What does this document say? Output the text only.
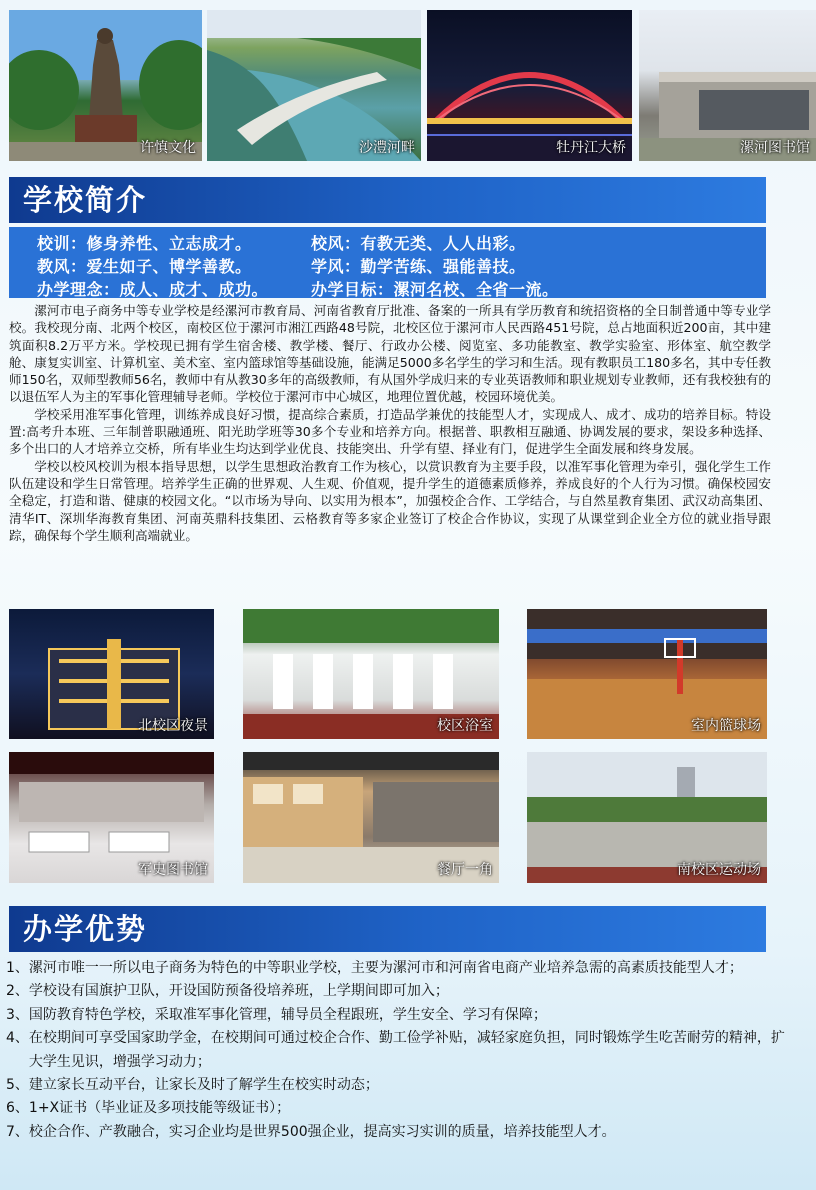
许慎文化	沙澧河畔	牡丹江大桥	漯河图书馆
学校简介
校训：修身养性、立志成才。	校风：有教无类、人人出彩。
教风：爱生如子、博学善教。	学风：勤学苦练、强能善技。
办学理念：成人、成才、成功。	办学目标：漯河名校、全省一流。

漯河市电子商务中等专业学校是经漯河市教育局、河南省教育厅批准、备案的一所具有学历教育和统招资格的全日制普通中等专业学校。我校现分南、北两个校区，南校区位于漯河市湘江西路48号院，北校区位于漯河市人民西路451号院，总占地面积近200亩，其中建筑面积8.2万平方米。学校现已拥有学生宿舍楼、教学楼、餐厅、行政办公楼、阅览室、多功能教室、教学实验室、形体室、航空教学舱、康复实训室、计算机室、美术室、室内篮球馆等基础设施，能满足5000多名学生的学习和生活。现有教职员工180多名，其中专任教师150名，双师型教师56名，教师中有从教30多年的高级教师，有从国外学成归来的专业英语教师和职业规划专业教师，还有我校独有的以退伍军人为主的军事化管理辅导老师。学校位于漯河市中心城区，地理位置优越，校园环境优美。

学校采用准军事化管理，训练养成良好习惯，提高综合素质，打造品学兼优的技能型人才，实现成人、成才、成功的培养目标。特设置:高考升本班、三年制普职融通班、阳光助学班等30多个专业和培养方向。根据普、职教相互融通、协调发展的要求，架设多种选择、多个出口的人才培养立交桥，所有毕业生均达到学业优良、技能突出、升学有望、择业有门，促进学生全面发展和终身发展。

学校以校风校训为根本指导思想，以学生思想政治教育工作为核心，以赏识教育为主要手段，以准军事化管理为牵引，强化学生工作队伍建设和学生日常管理。培养学生正确的世界观、人生观、价值观，提升学生的道德素质修养，养成良好的个人行为习惯。确保校园安全稳定，打造和谐、健康的校园文化。“以市场为导向、以实用为根本”，加强校企合作、工学结合，与自然星教育集团、武汉动高集团、清华IT、深圳华海教育集团、河南英鼎科技集团、云格教育等多家企业签订了校企合作协议，实现了从课堂到企业全方位的就业指导跟踪，确保每个学生顺利高端就业。

北校区夜景	校区浴室	室内篮球场
军史图书馆	餐厅一角	南校区运动场
办学优势
1、 漯河市唯一一所以电子商务为特色的中等职业学校，主要为漯河市和河南省电商产业培养急需的高素质技能型人才；
2、 学校设有国旗护卫队，开设国防预备役培养班，上学期间即可加入；
3、 国防教育特色学校，采取准军事化管理，辅导员全程跟班，学生安全、学习有保障；
4、 在校期间可享受国家助学金，在校期间可通过校企合作、勤工俭学补贴，减轻家庭负担，同时锻炼学生吃苦耐劳的精神，扩大学生见识，增强学习动力；
5、 建立家长互动平台，让家长及时了解学生在校实时动态；
6、 1+X证书（毕业证及多项技能等级证书）；
7、 校企合作、产教融合，实习企业均是世界500强企业，提高实习实训的质量，培养技能型人才。
